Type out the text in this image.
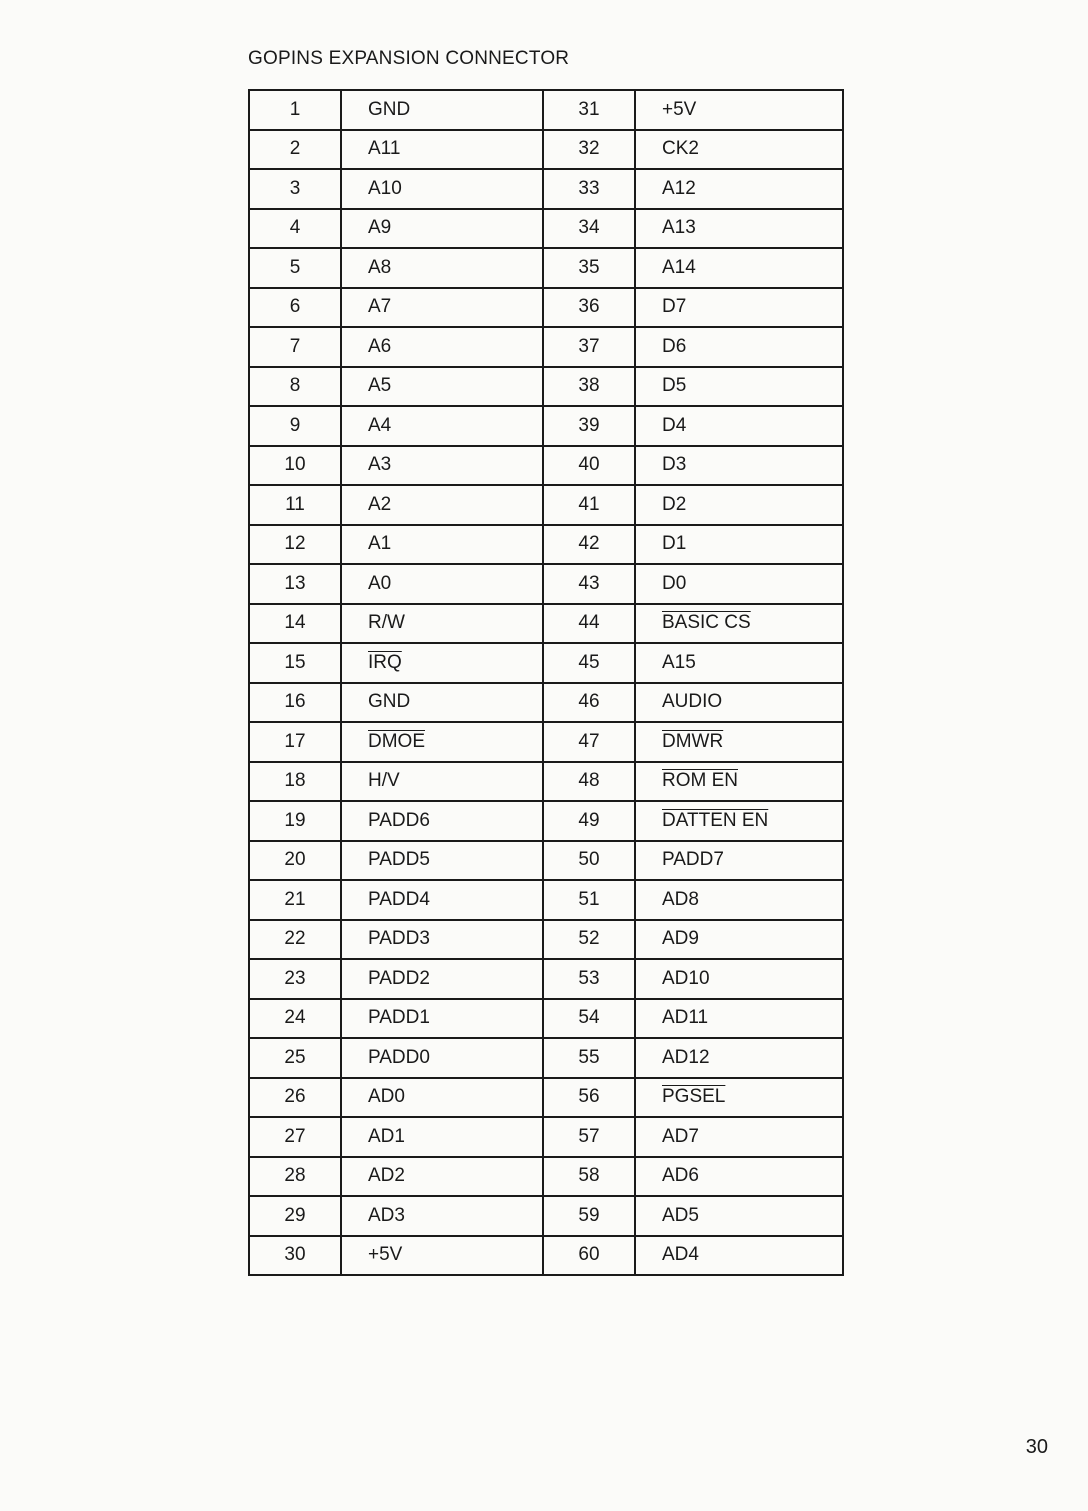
GOPINS EXPANSION CONNECTOR
1	GND	31	+5V
2	A11	32	CK2
3	A10	33	A12
4	A9	34	A13
5	A8	35	A14
6	A7	36	D7
7	A6	37	D6
8	A5	38	D5
9	A4	39	D4
10	A3	40	D3
11	A2	41	D2
12	A1	42	D1
13	A0	43	D0
14	R/W	44	BASIC CS
15	$\overline{IRQ}$	45	A15
16	GND	46	AUDIO
17	DMOE	47	DMWR
18	H/V	48	ROM EN
19	PADD6	49	DATTEN EN
20	PADD5	50	PADD7
21	PADD4	51	AD8
22	PADD3	52	AD9
23	PADD2	53	AD10
24	PADD1	54	AD11
25	PADD0	55	AD12
26	AD0	56	PGSEL
27	AD1	57	AD7
28	AD2	58	AD6
29	AD3	59	AD5
30	+5V	60	AD4
30
